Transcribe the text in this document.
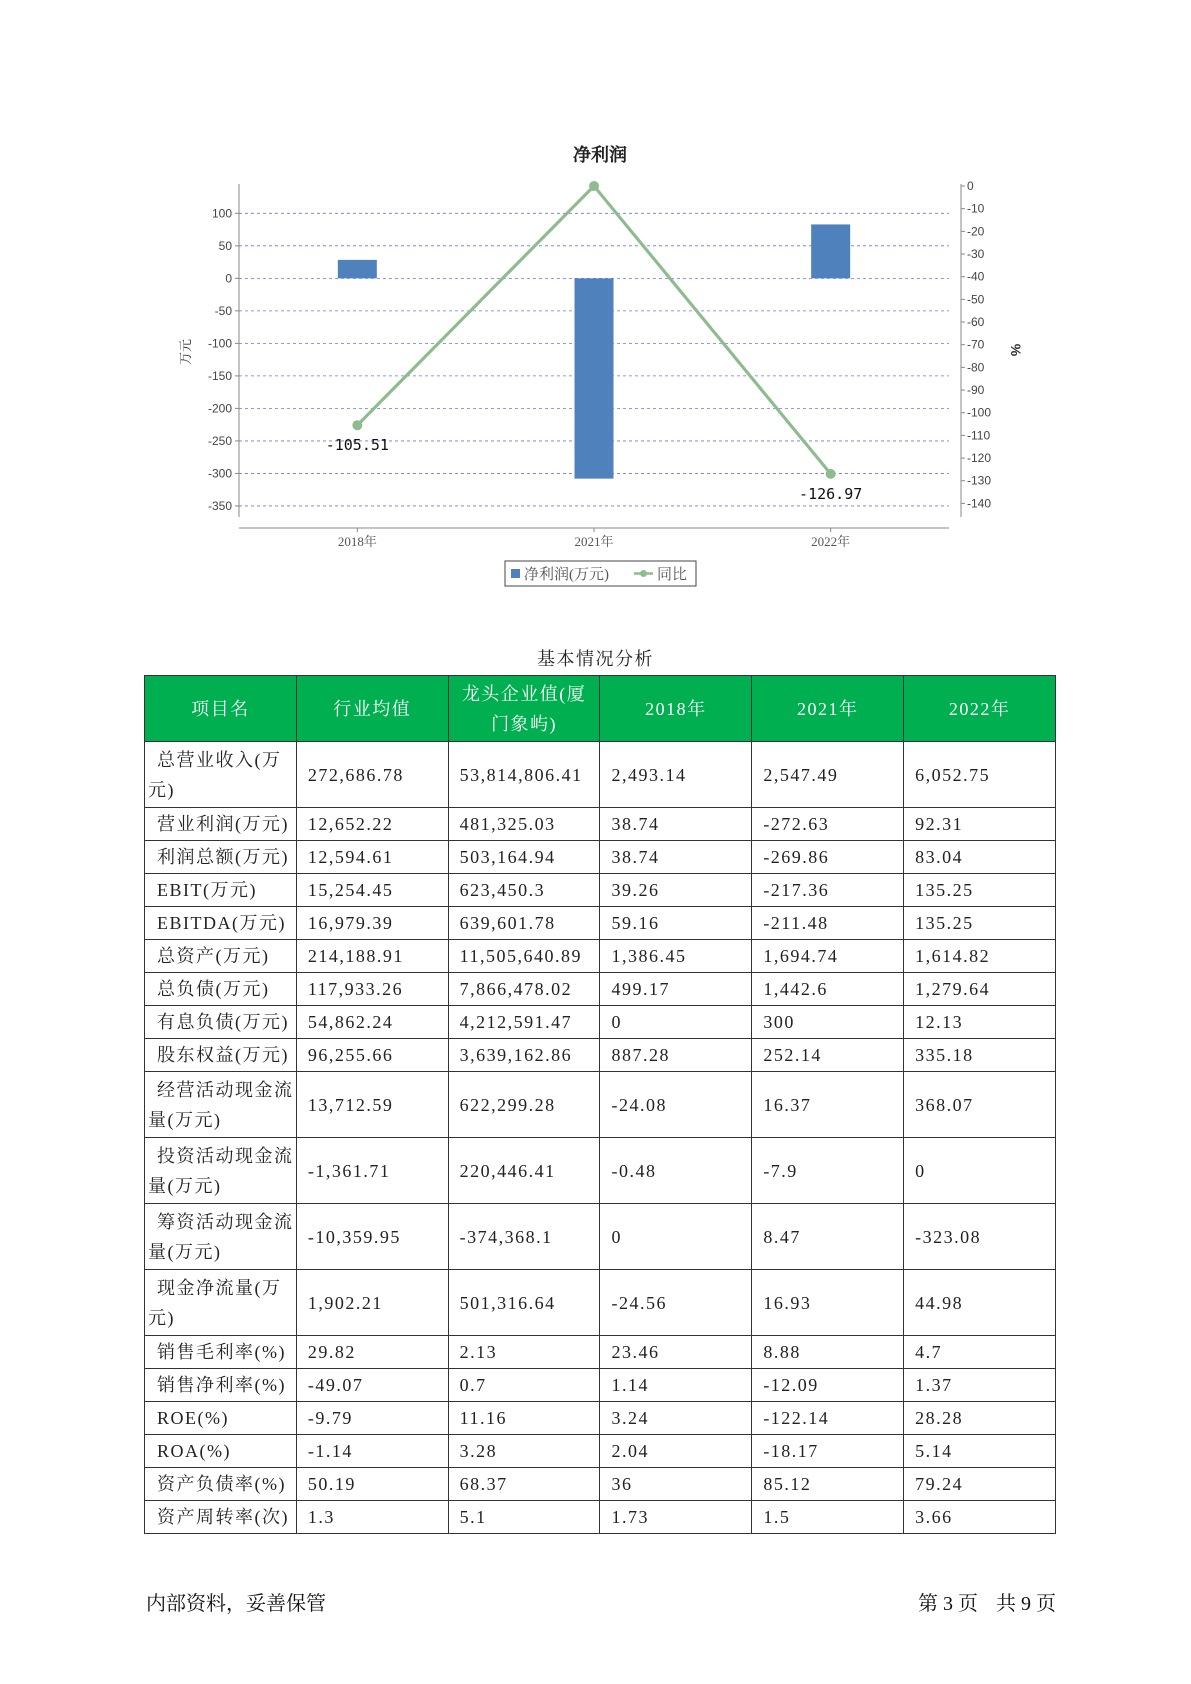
净利润
100
50
0
-50
-100
-150
-200
-250
-300
-350
0
-10
-20
-30
-40
-50
-60
-70
-80
-90
-100
-110
-120
-130
-140
万元	%
2018年	2021年	2022年
-105.51
-126.97
净利润(万元)	同比
基本情况分析
项目名	行业均值	龙头企业值(厦门象屿)	2018年	2021年	2022年
总营业收入(万元)	272,686.78	53,814,806.41	2,493.14	2,547.49	6,052.75
营业利润(万元)	12,652.22	481,325.03	38.74	-272.63	92.31
利润总额(万元)	12,594.61	503,164.94	38.74	-269.86	83.04
EBIT(万元)	15,254.45	623,450.3	39.26	-217.36	135.25
EBITDA(万元)	16,979.39	639,601.78	59.16	-211.48	135.25
总资产(万元)	214,188.91	11,505,640.89	1,386.45	1,694.74	1,614.82
总负债(万元)	117,933.26	7,866,478.02	499.17	1,442.6	1,279.64
有息负债(万元)	54,862.24	4,212,591.47	0	300	12.13
股东权益(万元)	96,255.66	3,639,162.86	887.28	252.14	335.18
经营活动现金流量(万元)	13,712.59	622,299.28	-24.08	16.37	368.07
投资活动现金流量(万元)	-1,361.71	220,446.41	-0.48	-7.9	0
筹资活动现金流量(万元)	-10,359.95	-374,368.1	0	8.47	-323.08
现金净流量(万元)	1,902.21	501,316.64	-24.56	16.93	44.98
销售毛利率(%)	29.82	2.13	23.46	8.88	4.7
销售净利率(%)	-49.07	0.7	1.14	-12.09	1.37
ROE(%)	-9.79	11.16	3.24	-122.14	28.28
ROA(%)	-1.14	3.28	2.04	-18.17	5.14
资产负债率(%)	50.19	68.37	36	85.12	79.24
资产周转率(次)	1.3	5.1	1.73	1.5	3.66
内部资料，妥善保管	第 3 页 共 9 页
